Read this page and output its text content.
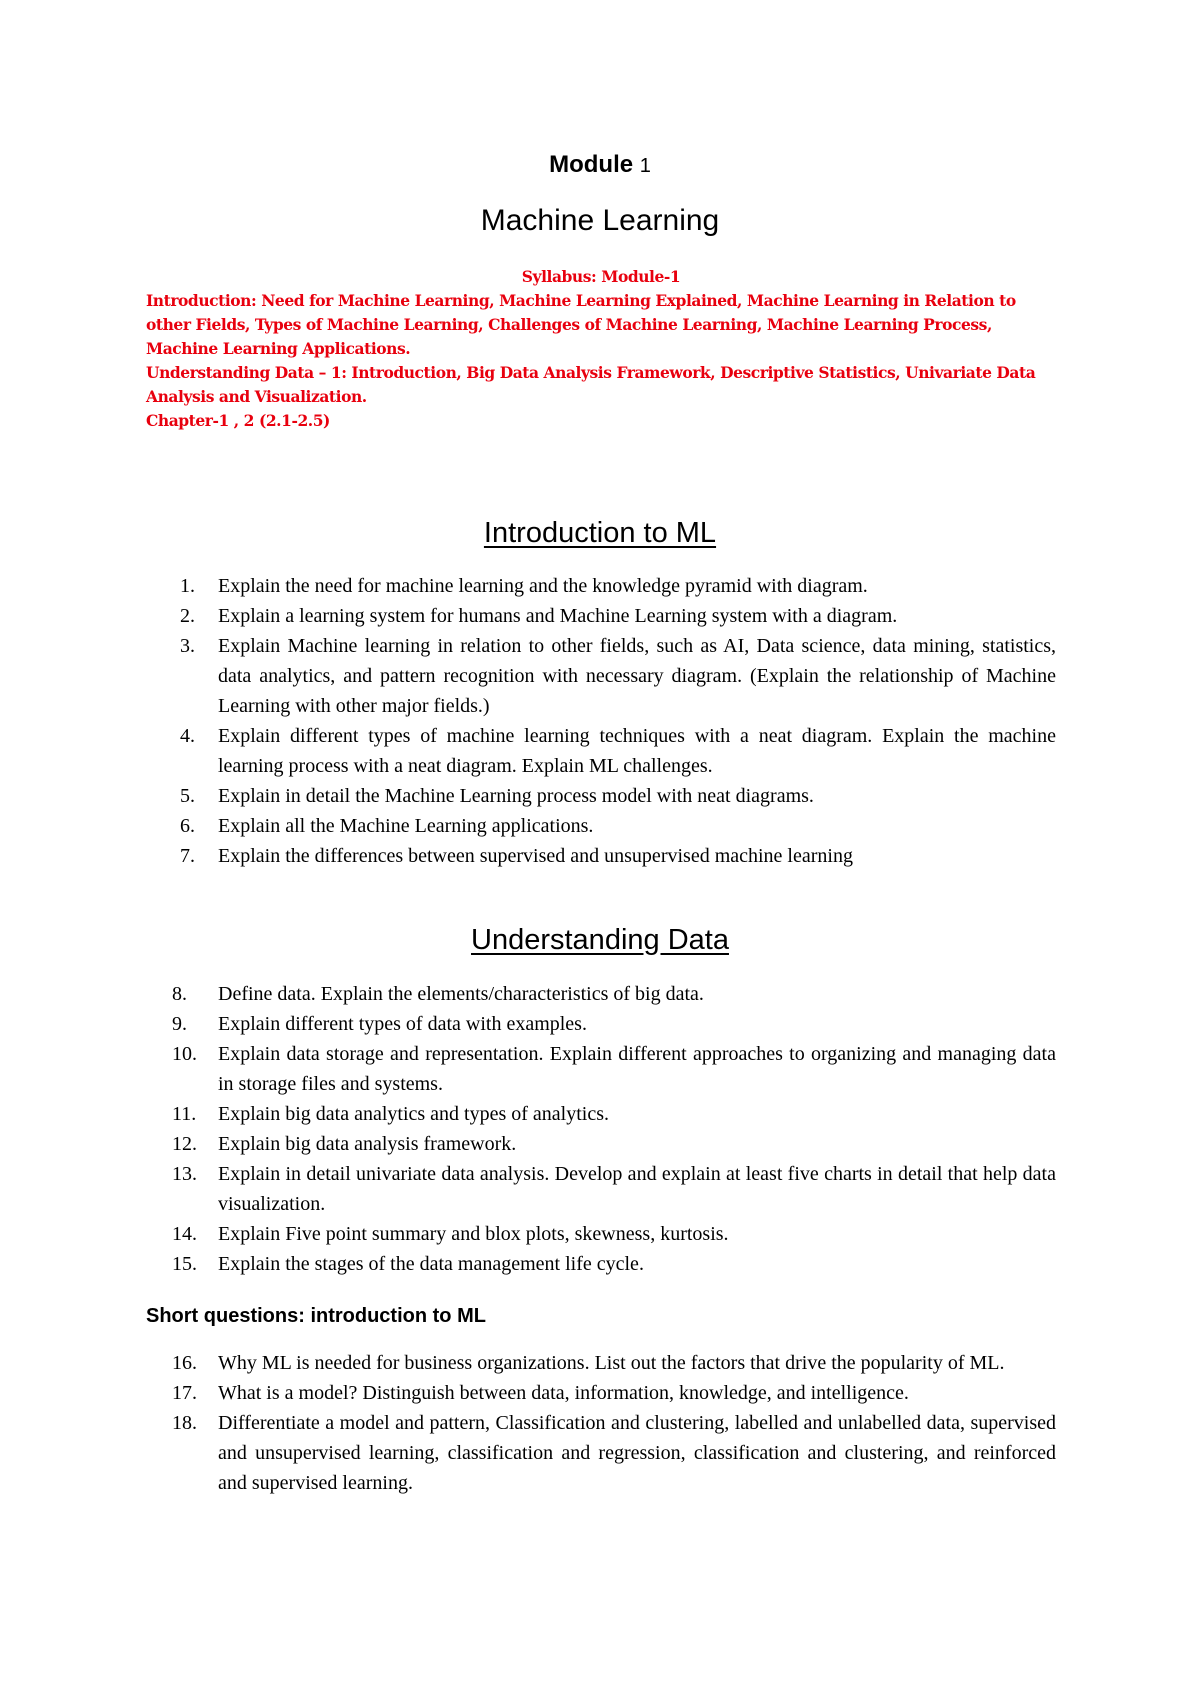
Module 1
Machine Learning

Syllabus: Module-1

Introduction: Need for Machine Learning, Machine Learning Explained, Machine Learning in Relation to other Fields, Types of Machine Learning, Challenges of Machine Learning, Machine Learning Process, Machine Learning Applications.

Understanding Data – 1: Introduction, Big Data Analysis Framework, Descriptive Statistics, Univariate Data Analysis and Visualization.

Chapter-1 , 2 (2.1-2.5)

Introduction to ML
1. Explain the need for machine learning and the knowledge pyramid with diagram.
2. Explain a learning system for humans and Machine Learning system with a diagram.
3. Explain Machine learning in relation to other fields, such as AI, Data science, data mining, statistics, data analytics, and pattern recognition with necessary diagram. (Explain the relationship of Machine Learning with other major fields.)
4. Explain different types of machine learning techniques with a neat diagram. Explain the machine learning process with a neat diagram. Explain ML challenges.
5. Explain in detail the Machine Learning process model with neat diagrams.
6. Explain all the Machine Learning applications.
7. Explain the differences between supervised and unsupervised machine learning
Understanding Data
8. Define data. Explain the elements/characteristics of big data.
9. Explain different types of data with examples.
10. Explain data storage and representation. Explain different approaches to organizing and managing data in storage files and systems.
11. Explain big data analytics and types of analytics.
12. Explain big data analysis framework.
13. Explain in detail univariate data analysis. Develop and explain at least five charts in detail that help data visualization.
14. Explain Five point summary and blox plots, skewness, kurtosis.
15. Explain the stages of the data management life cycle.
Short questions: introduction to ML
16. Why ML is needed for business organizations. List out the factors that drive the popularity of ML.
17. What is a model? Distinguish between data, information, knowledge, and intelligence.
18. Differentiate a model and pattern, Classification and clustering, labelled and unlabelled data, supervised and unsupervised learning, classification and regression, classification and clustering, and reinforced and supervised learning.
